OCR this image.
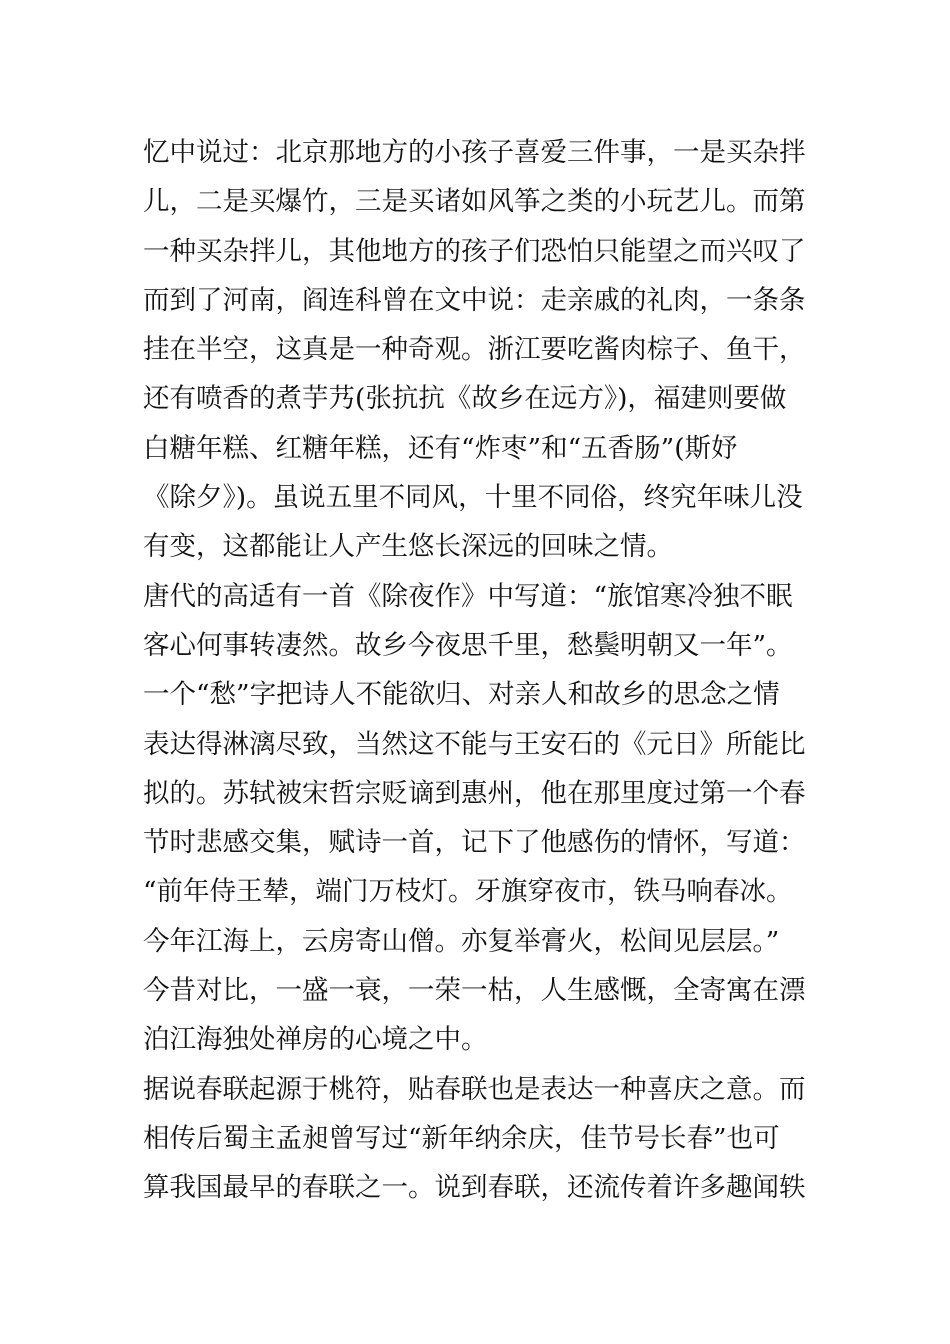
忆中说过：北京那地方的小孩子喜爱三件事，一是买杂拌
儿，二是买爆竹，三是买诸如风筝之类的小玩艺儿。而第
一种买杂拌儿，其他地方的孩子们恐怕只能望之而兴叹了
而到了河南，阎连科曾在文中说：走亲戚的礼肉，一条条
挂在半空，这真是一种奇观。浙江要吃酱肉棕子、鱼干，
还有喷香的煮芋艿(张抗抗《故乡在远方》)，福建则要做
白糖年糕、红糖年糕，还有“炸枣”和“五香肠”(斯妤
《除夕》)。虽说五里不同风，十里不同俗，终究年味儿没
有变，这都能让人产生悠长深远的回味之情。
唐代的高适有一首《除夜作》中写道：“旅馆寒冷独不眠
客心何事转凄然。故乡今夜思千里，愁鬓明朝又一年”。
一个“愁”字把诗人不能欲归、对亲人和故乡的思念之情
表达得淋漓尽致，当然这不能与王安石的《元日》所能比
拟的。苏轼被宋哲宗贬谪到惠州，他在那里度过第一个春
节时悲感交集，赋诗一首，记下了他感伤的情怀，写道：
“前年侍王辇，端门万枝灯。牙旗穿夜市，铁马响春冰。
今年江海上，云房寄山僧。亦复举膏火，松间见层层。”
今昔对比，一盛一衰，一荣一枯，人生感慨，全寄寓在漂
泊江海独处禅房的心境之中。
据说春联起源于桃符，贴春联也是表达一种喜庆之意。而
相传后蜀主孟昶曾写过“新年纳余庆，佳节号长春”也可
算我国最早的春联之一。说到春联，还流传着许多趣闻轶
